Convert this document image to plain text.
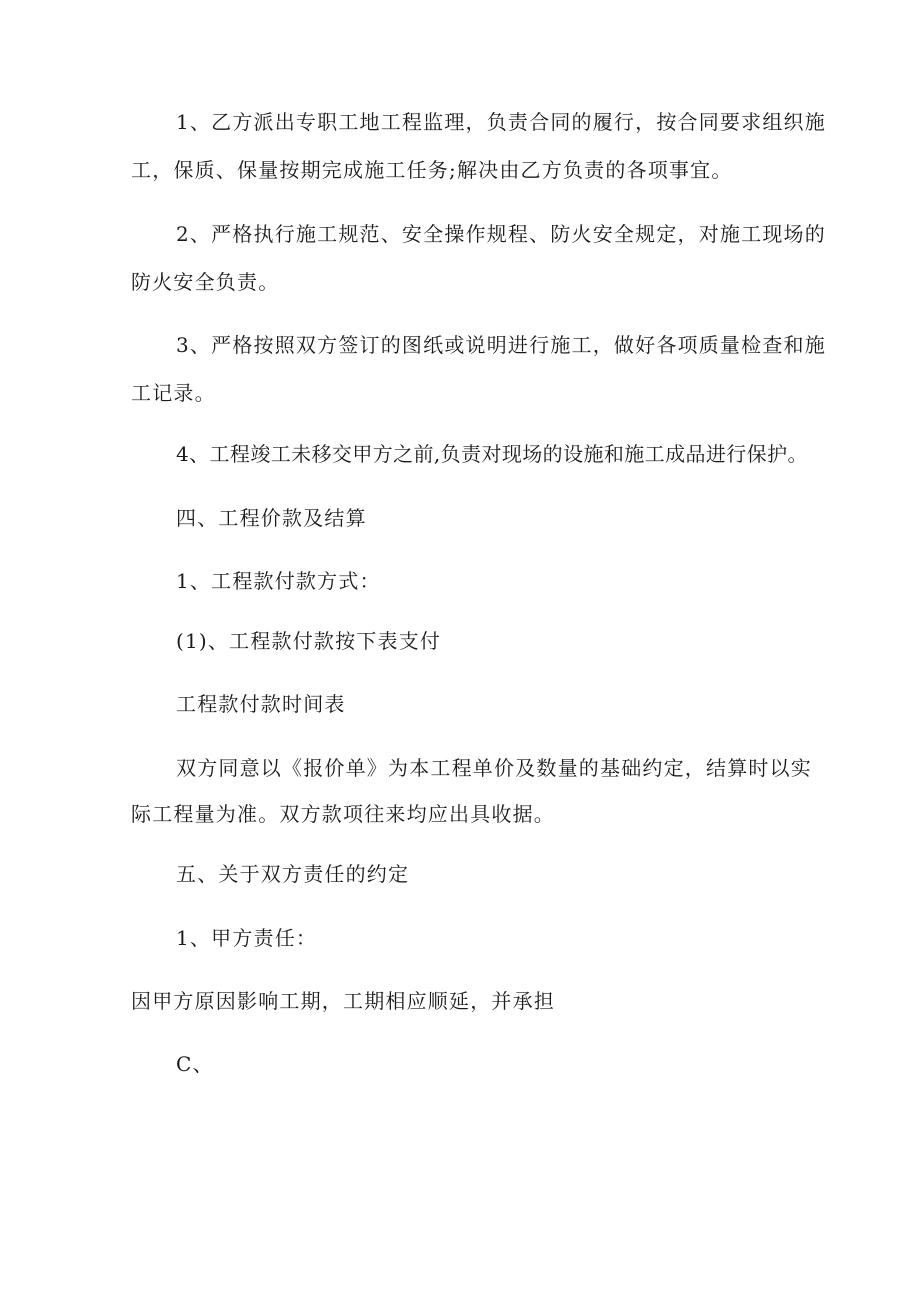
1、乙方派出专职工地工程监理，负责合同的履行，按合同要求组织施
工，保质、保量按期完成施工任务;解决由乙方负责的各项事宜。
2、严格执行施工规范、安全操作规程、防火安全规定，对施工现场的
防火安全负责。
3、严格按照双方签订的图纸或说明进行施工，做好各项质量检查和施
工记录。
4、工程竣工未移交甲方之前,负责对现场的设施和施工成品进行保护。
四、工程价款及结算
1、工程款付款方式：
(1)、工程款付款按下表支付
工程款付款时间表
双方同意以《报价单》为本工程单价及数量的基础约定，结算时以实
际工程量为准。双方款项往来均应出具收据。
五、关于双方责任的约定
1、甲方责任：
因甲方原因影响工期，工期相应顺延，并承担
C、
